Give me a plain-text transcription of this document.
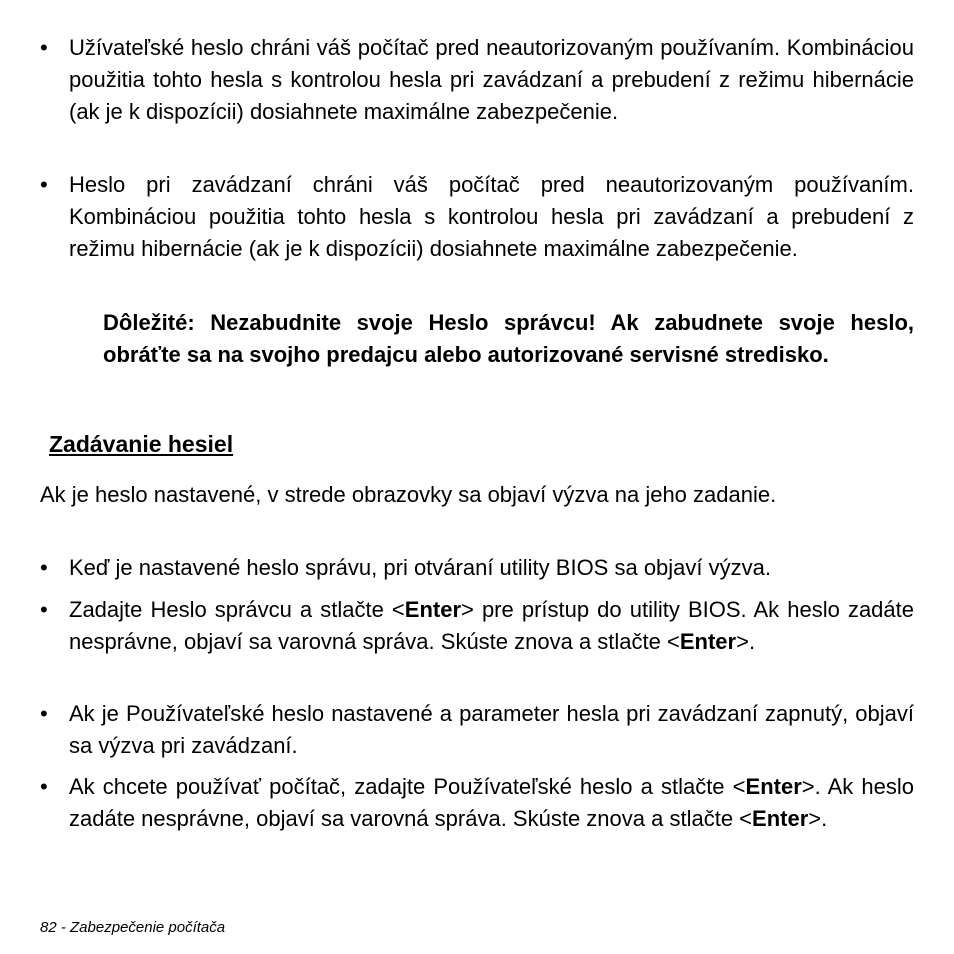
• Užívateľské heslo chráni váš počítač pred neautorizovaným používaním. Kombináciou použitia tohto hesla s kontrolou hesla pri zavádzaní a prebudení z režimu hibernácie (ak je k dispozícii) dosiahnete maximálne zabezpečenie.
• Heslo pri zavádzaní chráni váš počítač pred neautorizovaným používaním. Kombináciou použitia tohto hesla s kontrolou hesla pri zavádzaní a prebudení z režimu hibernácie (ak je k dispozícii) dosiahnete maximálne zabezpečenie.
Dôležité: Nezabudnite svoje Heslo správcu! Ak zabudnete svoje heslo, obráťte sa na svojho predajcu alebo autorizované servisné stredisko.
Zadávanie hesiel
Ak je heslo nastavené, v strede obrazovky sa objaví výzva na jeho zadanie.
• Keď je nastavené heslo správu, pri otváraní utility BIOS sa objaví výzva.
• Zadajte Heslo správcu a stlačte <Enter> pre prístup do utility BIOS. Ak heslo zadáte nesprávne, objaví sa varovná správa. Skúste znova a stlačte <Enter>.
• Ak je Používateľské heslo nastavené a parameter hesla pri zavádzaní zapnutý, objaví sa výzva pri zavádzaní.
• Ak chcete používať počítač, zadajte Používateľské heslo a stlačte <Enter>. Ak heslo zadáte nesprávne, objaví sa varovná správa. Skúste znova a stlačte <Enter>.
82 - Zabezpečenie počítača
